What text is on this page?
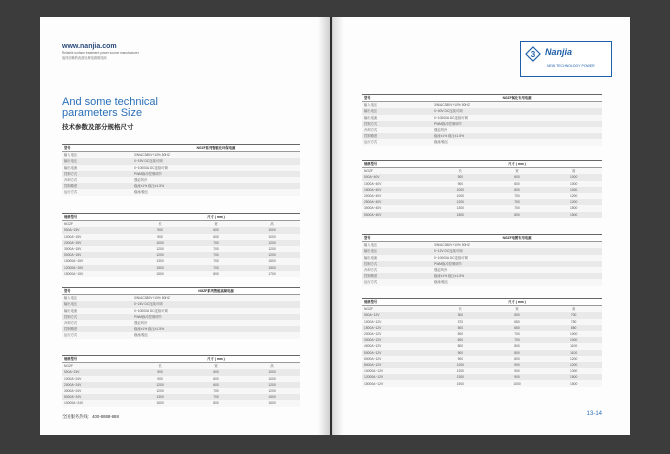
www.nanjia.com
Reliable surface treatment power source manufacturer
值得信赖的表面处理电源制造商
And some technical
parameters Size
技术参数及部分规格尺寸
型号	NGZF系列智能化环保电源
输入电压	3/N/AC380V+10% 50HZ
输出电压	0~15V DC连续可调
输出电流	0~10000A DC连续可调
控制方式	PWM脉冲控制调节
冷却方式	强迫风冷
控制精度	稳流±1% 稳压±1.5%
运行方式	稳流/稳压
规格型号	尺寸 ( mm )		
NGZF	长	宽	高
500A~15V	900	600	1000
1000A~15V	900	600	1000
2000A~15V	1000	700	1200
3000A~15V	1200	700	1200
5000A~15V	1200	700	1200
10000A~15V	1300	700	1500
12000A~15V	1500	700	1500
15000A~15V	1500	800	1700
型号	NGZF系列智能高频电源
输入电压	3/N/AC380V+10% 50HZ
输出电压	0~24V DC连续可调
输出电流	0~10000A DC连续可调
控制方式	PWM脉冲控制调节
冷却方式	强迫风冷
控制精度	稳流±1% 稳压±1.5%
运行方式	稳流/稳压
规格型号	尺寸 ( mm )		
NGZF	长	宽	高
500A~24V	900	600	1000
1000A~24V	900	600	1000
2000A~24V	1200	600	1200
3000A~24V	1200	700	1200
5000A~24V	1300	700	1500
10000A~24V	1500	800	1500
全国服务热线：400-8888-888
3 Nanjia
NEW TECHNOLOGY POWER
型号	NGZF氧化专用电源
输入电压	3/N/AC380V+10% 50HZ
输出电压	0~40V DC连续可调
输出电流	0~10000A DC连续可调
控制方式	PWM脉冲控制调节
冷却方式	强迫风冷
控制精度	稳流±1% 稳压±1.5%
运行方式	稳流/稳压
规格型号	尺寸 ( mm )		
NGZF	长	宽	高
500A~40V	900	600	1000
1000A~40V	900	600	1000
1500A~40V	1000	600	1000
2000A~40V	1000	700	1200
2500A~40V	1200	700	1200
3000A~40V	1300	700	1500
5000A~40V	1500	800	1500
型号	NGZF电镀专用电源
输入电压	3/N/AC380V+10% 50HZ
输出电压	0~12V DC连续可调
输出电流	0~10000A DC连续可调
控制方式	PWM脉冲控制调节
冷却方式	强迫风冷
控制精度	稳流±1% 稳压±1.5%
运行方式	稳流/稳压
规格型号	尺寸 ( mm )		
NGZF	长	宽	高
500A~12V	300	500	700
1000A~12V	370	650	750
1500A~12V	500	650	850
2000A~12V	500	700	1000
3000A~12V	600	700	1000
4000A~12V	800	800	1100
5000A~12V	900	800	1100
6000A~12V	900	800	1200
8000A~12V	1200	900	1200
10000A~12V	1200	900	1300
12000A~12V	1300	900	1500
15000A~12V	1500	1000	1500
13-14
